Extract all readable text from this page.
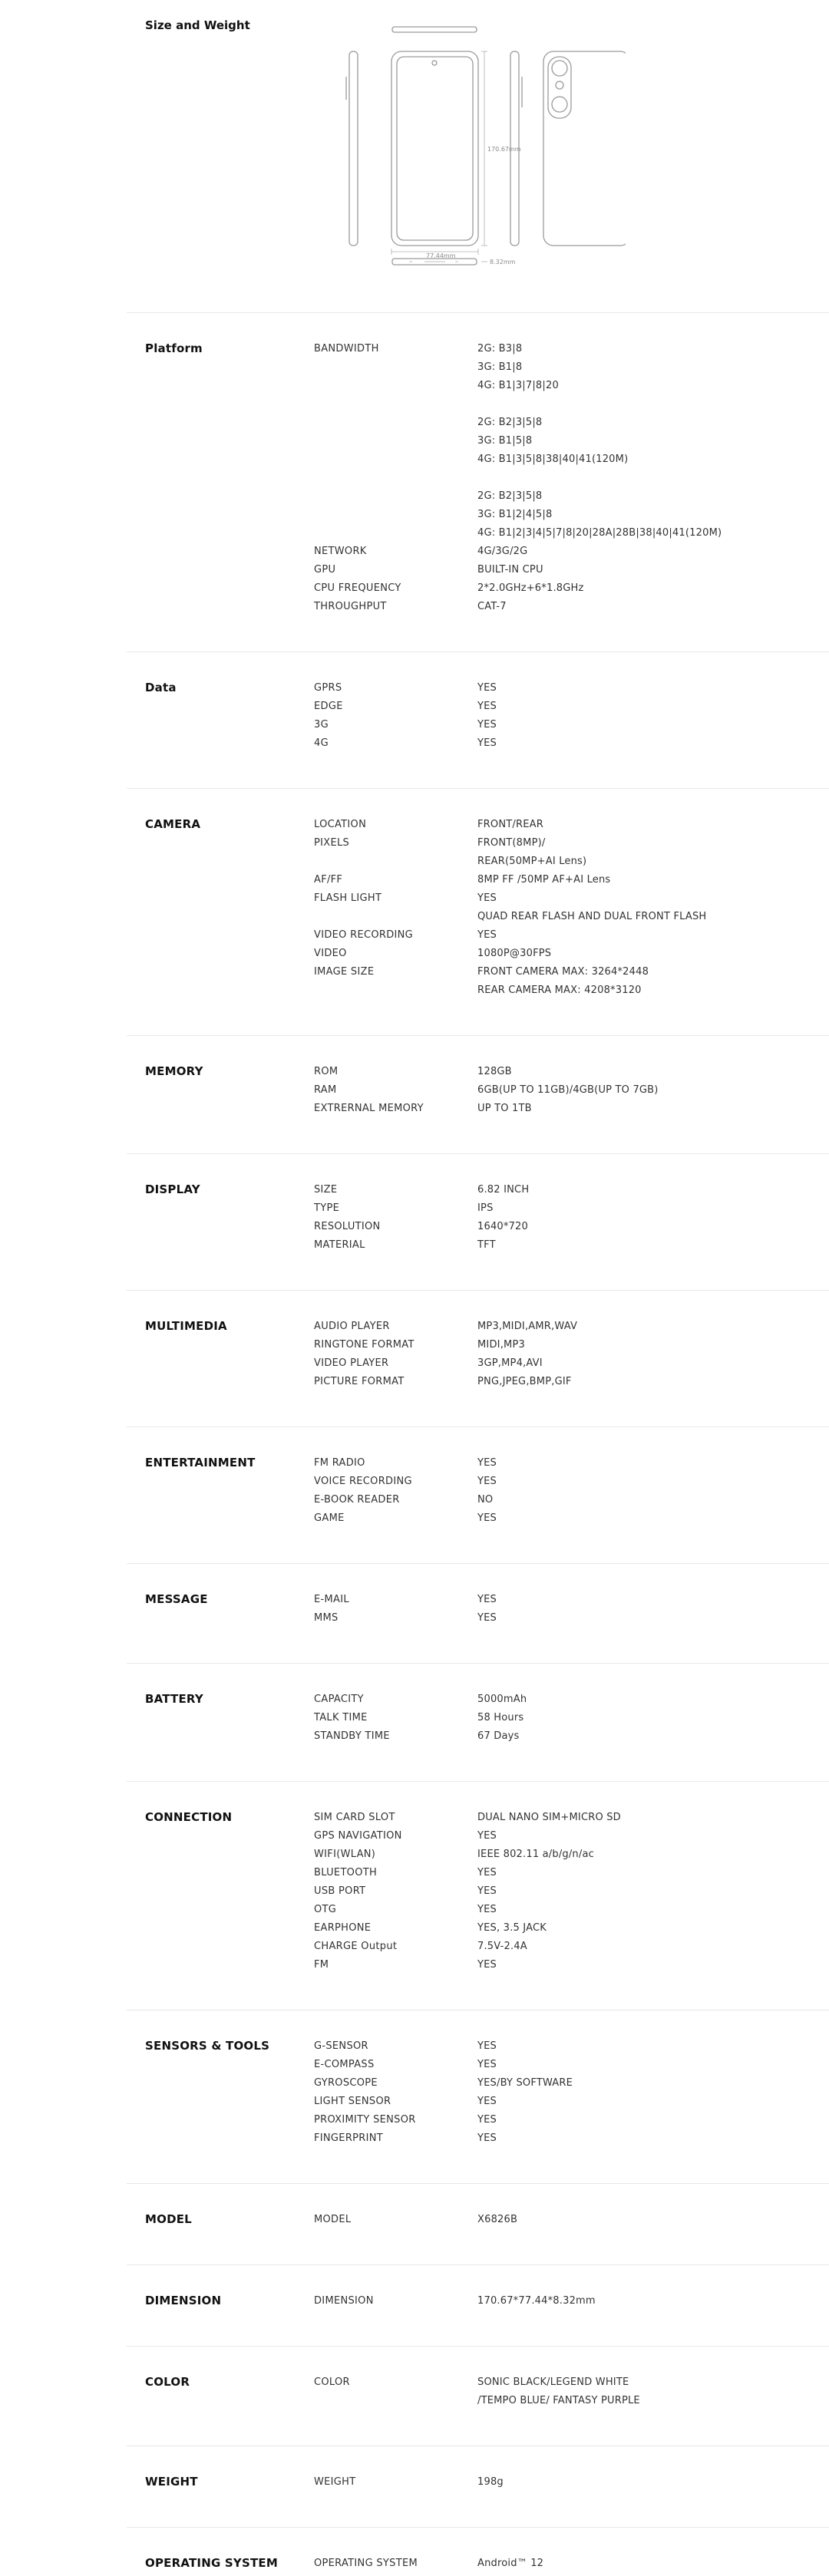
Size and Weight
170.67mm
77.44mm
8.32mm
Platform	BANDWIDTH	2G: B3|8
3G: B1|8
4G: B1|3|7|8|20
2G: B2|3|5|8
3G: B1|5|8
4G: B1|3|5|8|38|40|41(120M)
2G: B2|3|5|8
3G: B1|2|4|5|8
4G: B1|2|3|4|5|7|8|20|28A|28B|38|40|41(120M)
NETWORK	4G/3G/2G
GPU	BUILT-IN CPU
CPU FREQUENCY	2*2.0GHz+6*1.8GHz
THROUGHPUT	CAT-7
Data	GPRS	YES
EDGE	YES
3G	YES
4G	YES
CAMERA	LOCATION	FRONT/REAR
PIXELS	FRONT(8MP)/
REAR(50MP+AI Lens)
AF/FF	8MP FF /50MP AF+AI Lens
FLASH LIGHT	YES
QUAD REAR FLASH AND DUAL FRONT FLASH
VIDEO RECORDING	YES
VIDEO	1080P@30FPS
IMAGE SIZE	FRONT CAMERA MAX: 3264*2448
REAR CAMERA MAX: 4208*3120
MEMORY	ROM	128GB
RAM	6GB(UP TO 11GB)/4GB(UP TO 7GB)
EXTRERNAL MEMORY	UP TO 1TB
DISPLAY	SIZE	6.82 INCH
TYPE	IPS
RESOLUTION	1640*720
MATERIAL	TFT
MULTIMEDIA	AUDIO PLAYER	MP3,MIDI,AMR,WAV
RINGTONE FORMAT	MIDI,MP3
VIDEO PLAYER	3GP,MP4,AVI
PICTURE FORMAT	PNG,JPEG,BMP,GIF
ENTERTAINMENT	FM RADIO	YES
VOICE RECORDING	YES
E-BOOK READER	NO
GAME	YES
MESSAGE	E-MAIL	YES
MMS	YES
BATTERY	CAPACITY	5000mAh
TALK TIME	58 Hours
STANDBY TIME	67 Days
CONNECTION	SIM CARD SLOT	DUAL NANO SIM+MICRO SD
GPS NAVIGATION	YES
WIFI(WLAN)	IEEE 802.11 a/b/g/n/ac
BLUETOOTH	YES
USB PORT	YES
OTG	YES
EARPHONE	YES, 3.5 JACK
CHARGE Output	7.5V-2.4A
FM	YES
SENSORS & TOOLS	G-SENSOR	YES
E-COMPASS	YES
GYROSCOPE	YES/BY SOFTWARE
LIGHT SENSOR	YES
PROXIMITY SENSOR	YES
FINGERPRINT	YES
MODEL	MODEL	X6826B
DIMENSION	DIMENSION	170.67*77.44*8.32mm
COLOR	COLOR	SONIC BLACK/LEGEND WHITE
/TEMPO BLUE/ FANTASY PURPLE
WEIGHT	WEIGHT	198g
OPERATING SYSTEM	OPERATING SYSTEM	Android™ 12
